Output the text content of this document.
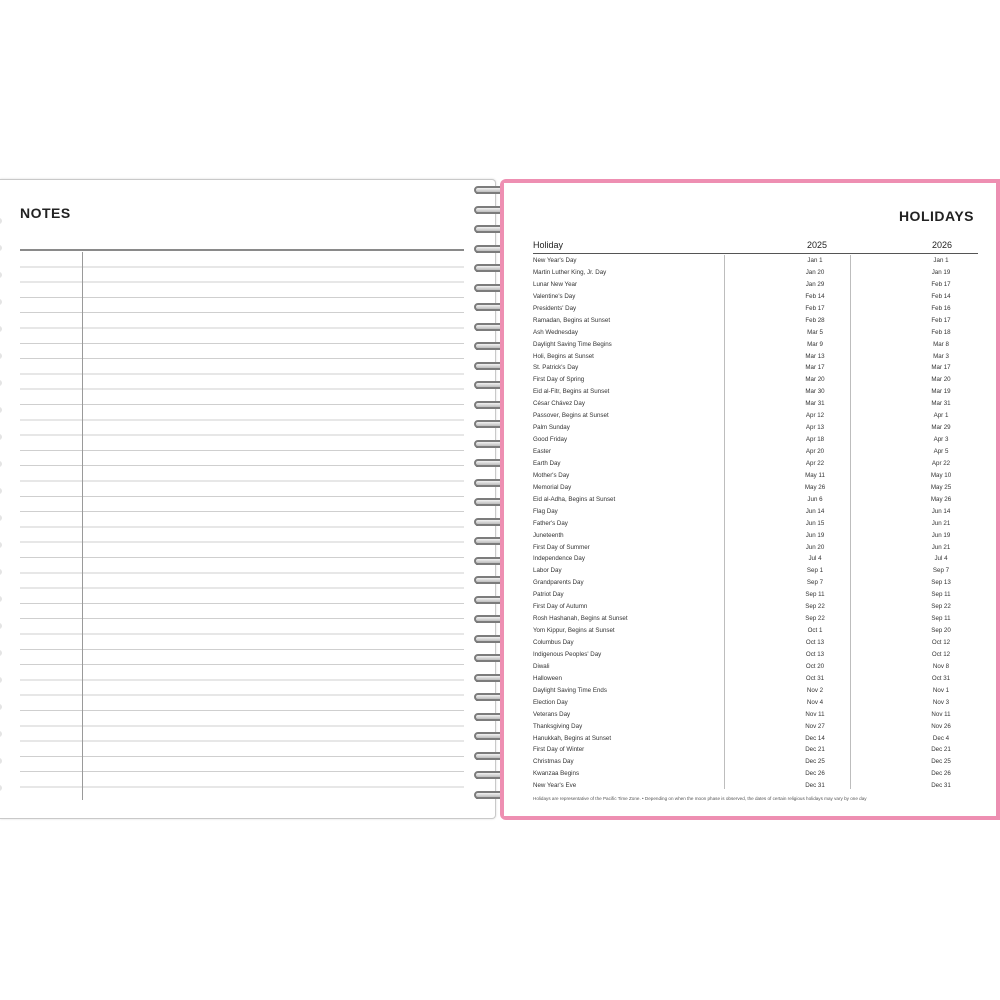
NOTES	HOLIDAYS
Holiday	2025	2026
New Year's Day	Jan 1	Jan 1
Martin Luther King, Jr. Day	Jan 20	Jan 19
Lunar New Year	Jan 29	Feb 17
Valentine's Day	Feb 14	Feb 14
Presidents' Day	Feb 17	Feb 16
Ramadan, Begins at Sunset	Feb 28	Feb 17
Ash Wednesday	Mar 5	Feb 18
Daylight Saving Time Begins	Mar 9	Mar 8
Holi, Begins at Sunset	Mar 13	Mar 3
St. Patrick's Day	Mar 17	Mar 17
First Day of Spring	Mar 20	Mar 20
Eid al-Fitr, Begins at Sunset	Mar 30	Mar 19
César Chávez Day	Mar 31	Mar 31
Passover, Begins at Sunset	Apr 12	Apr 1
Palm Sunday	Apr 13	Mar 29
Good Friday	Apr 18	Apr 3
Easter	Apr 20	Apr 5
Earth Day	Apr 22	Apr 22
Mother's Day	May 11	May 10
Memorial Day	May 26	May 25
Eid al-Adha, Begins at Sunset	Jun 6	May 26
Flag Day	Jun 14	Jun 14
Father's Day	Jun 15	Jun 21
Juneteenth	Jun 19	Jun 19
First Day of Summer	Jun 20	Jun 21
Independence Day	Jul 4	Jul 4
Labor Day	Sep 1	Sep 7
Grandparents Day	Sep 7	Sep 13
Patriot Day	Sep 11	Sep 11
First Day of Autumn	Sep 22	Sep 22
Rosh Hashanah, Begins at Sunset	Sep 22	Sep 11
Yom Kippur, Begins at Sunset	Oct 1	Sep 20
Columbus Day	Oct 13	Oct 12
Indigenous Peoples' Day	Oct 13	Oct 12
Diwali	Oct 20	Nov 8
Halloween	Oct 31	Oct 31
Daylight Saving Time Ends	Nov 2	Nov 1
Election Day	Nov 4	Nov 3
Veterans Day	Nov 11	Nov 11
Thanksgiving Day	Nov 27	Nov 26
Hanukkah, Begins at Sunset	Dec 14	Dec 4
First Day of Winter	Dec 21	Dec 21
Christmas Day	Dec 25	Dec 25
Kwanzaa Begins	Dec 26	Dec 26
New Year's Eve	Dec 31	Dec 31
Holidays are representative of the Pacific Time Zone. • Depending on when the moon phase is observed, the dates of certain religious holidays may vary by one day
